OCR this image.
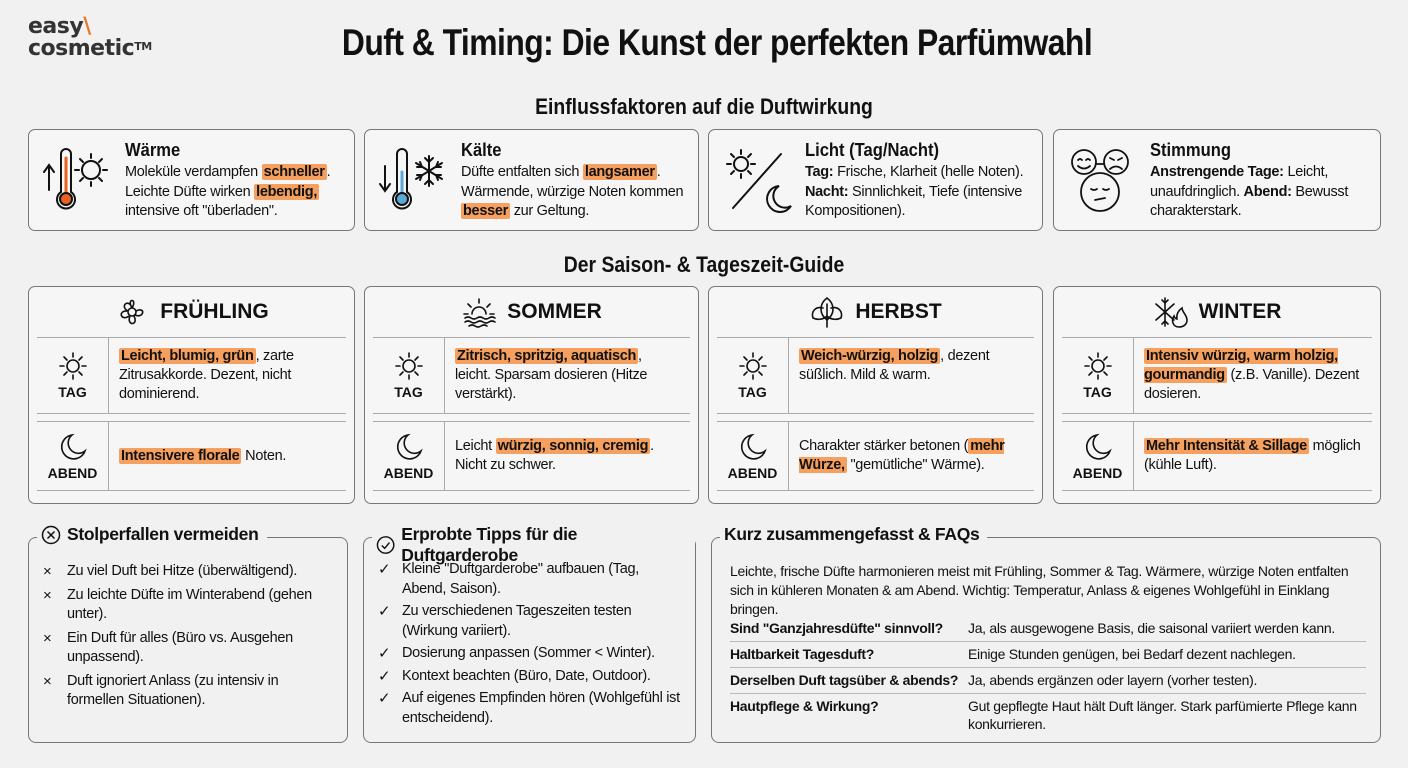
easy\
cosmetic™	Duft & Timing: Die Kunst der perfekten Parfümwahl
Einflussfaktoren auf die Duftwirkung
Wärme

Moleküle verdampfen schneller . Leichte Düfte wirken lebendig, intensive oft "überladen".

Kälte

Düfte entfalten sich langsamer . Wärmende, würzige Noten kommen besser zur Geltung.

Licht (Tag/Nacht)

Tag: Frische, Klarheit (helle Noten). Nacht: Sinnlichkeit, Tiefe (intensive Kompositionen).

Stimmung

Anstrengende Tage: Leicht, unaufdringlich. Abend: Bewusst charakterstark.

Der Saison- & Tageszeit-Guide
FRÜHLING
TAG
Leicht, blumig, grün , zarte Zitrusakkorde. Dezent, nicht dominierend.
ABEND
Intensivere florale Noten.
SOMMER
TAG
Zitrisch, spritzig, aquatisch , leicht. Sparsam dosieren (Hitze verstärkt).
ABEND
Leicht würzig, sonnig, cremig . Nicht zu schwer.
HERBST
TAG
Weich-würzig, holzig , dezent süßlich. Mild & warm.
ABEND
Charakter stärker betonen ( mehr Würze, "gemütliche" Wärme).
WINTER
TAG
Intensiv würzig, warm holzig, gourmandig (z.B. Vanille). Dezent dosieren.
ABEND
Mehr Intensität & Sillage möglich (kühle Luft).
Stolperfallen vermeiden
× Zu viel Duft bei Hitze (überwältigend).
× Zu leichte Düfte im Winterabend (gehen unter).
× Ein Duft für alles (Büro vs. Ausgehen unpassend).
× Duft ignoriert Anlass (zu intensiv in formellen Situationen).
Erprobte Tipps für die Duftgarderobe
✓ Kleine "Duftgarderobe" aufbauen (Tag, Abend, Saison).
✓ Zu verschiedenen Tageszeiten testen (Wirkung variiert).
✓ Dosierung anpassen (Sommer < Winter).
✓ Kontext beachten (Büro, Date, Outdoor).
✓ Auf eigenes Empfinden hören (Wohlgefühl ist entscheidend).
Kurz zusammengefasst & FAQs

Leichte, frische Düfte harmonieren meist mit Frühling, Sommer & Tag. Wärmere, würzige Noten entfalten sich in kühleren Monaten & am Abend. Wichtig: Temperatur, Anlass & eigenes Wohlgefühl in Einklang bringen.

Sind "Ganzjahresdüfte" sinnvoll?	Ja, als ausgewogene Basis, die saisonal variiert werden kann.
Haltbarkeit Tagesduft?	Einige Stunden genügen, bei Bedarf dezent nachlegen.
Derselben Duft tagsüber & abends? Ja, abends ergänzen oder layern (vorher testen).
Hautpflege & Wirkung?	Gut gepflegte Haut hält Duft länger. Stark parfümierte Pflege kann konkurrieren.
